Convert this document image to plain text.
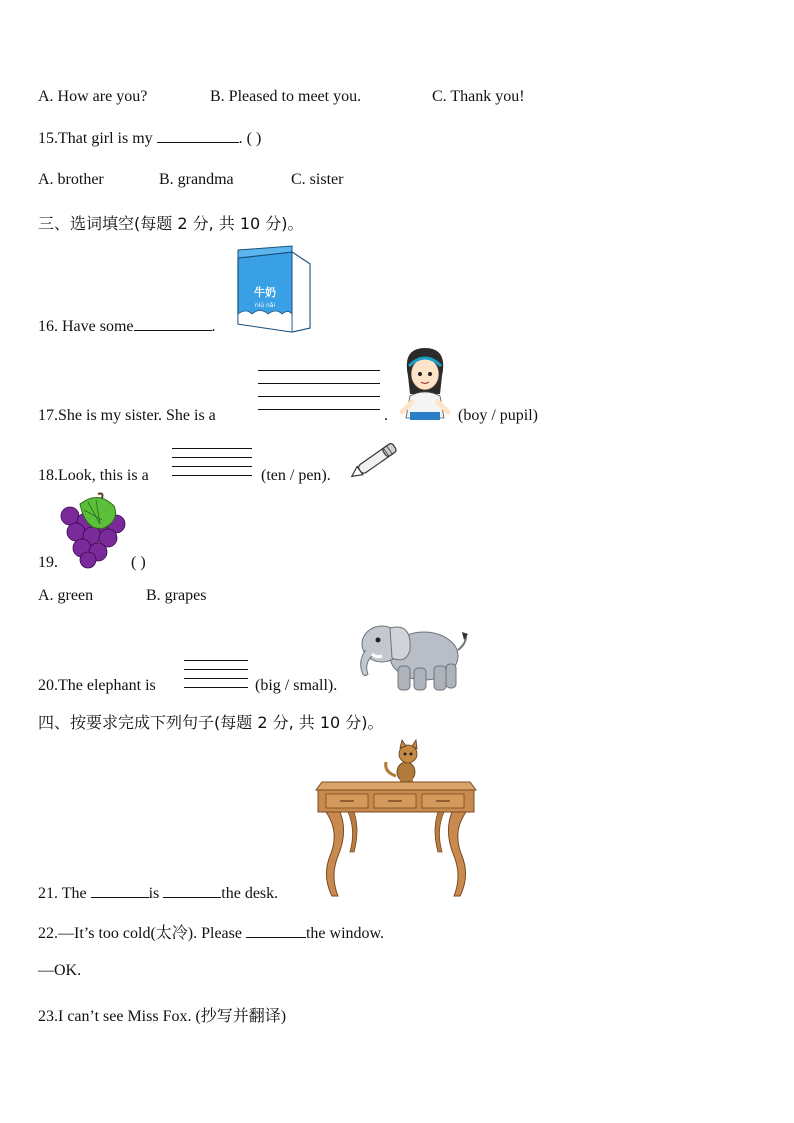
A. How are you?	B. Pleased to meet you.	C. Thank you!
15.That girl is my	. ( )
A. brother	B. grandma	C. sister
三、选词填空(每题 2 分, 共 10 分)。
16. Have some	.
牛奶
niú nǎi
17.She is my sister. She is a	.	(boy / pupil)
18.Look, this is a	(ten / pen).
19.	( )
A. green	B. grapes
20.The elephant is	(big / small).
四、按要求完成下列句子(每题 2 分, 共 10 分)。
21. The	is	the desk.
22.—It’s too cold(太冷). Please	the window.
—OK.
23.I can’t see Miss Fox. (抄写并翻译)
